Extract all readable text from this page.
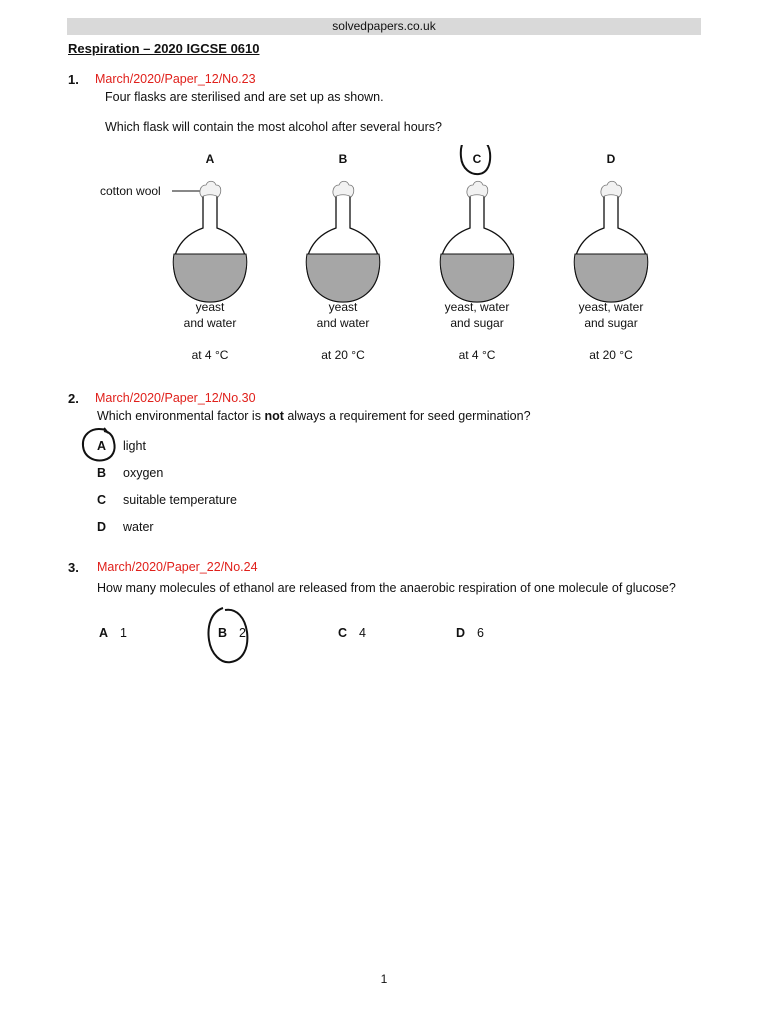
solvedpapers.co.uk
Respiration – 2020 IGCSE 0610
1. March/2020/Paper_12/No.23
Four flasks are sterilised and are set up as shown.
Which flask will contain the most alcohol after several hours?
cotton wool
A
yeast
and water
at 4 °C
B
yeast
and water
at 20 °C
C
yeast, water
and sugar
at 4 °C
D
yeast, water
and sugar
at 20 °C
2. March/2020/Paper_12/No.30
Which environmental factor is not always a requirement for seed germination?
A light
B oxygen
C suitable temperature
D water
3. March/2020/Paper_22/No.24
How many molecules of ethanol are released from the anaerobic respiration of one molecule of glucose?
A 1	B 2	C 4	D 6
1
